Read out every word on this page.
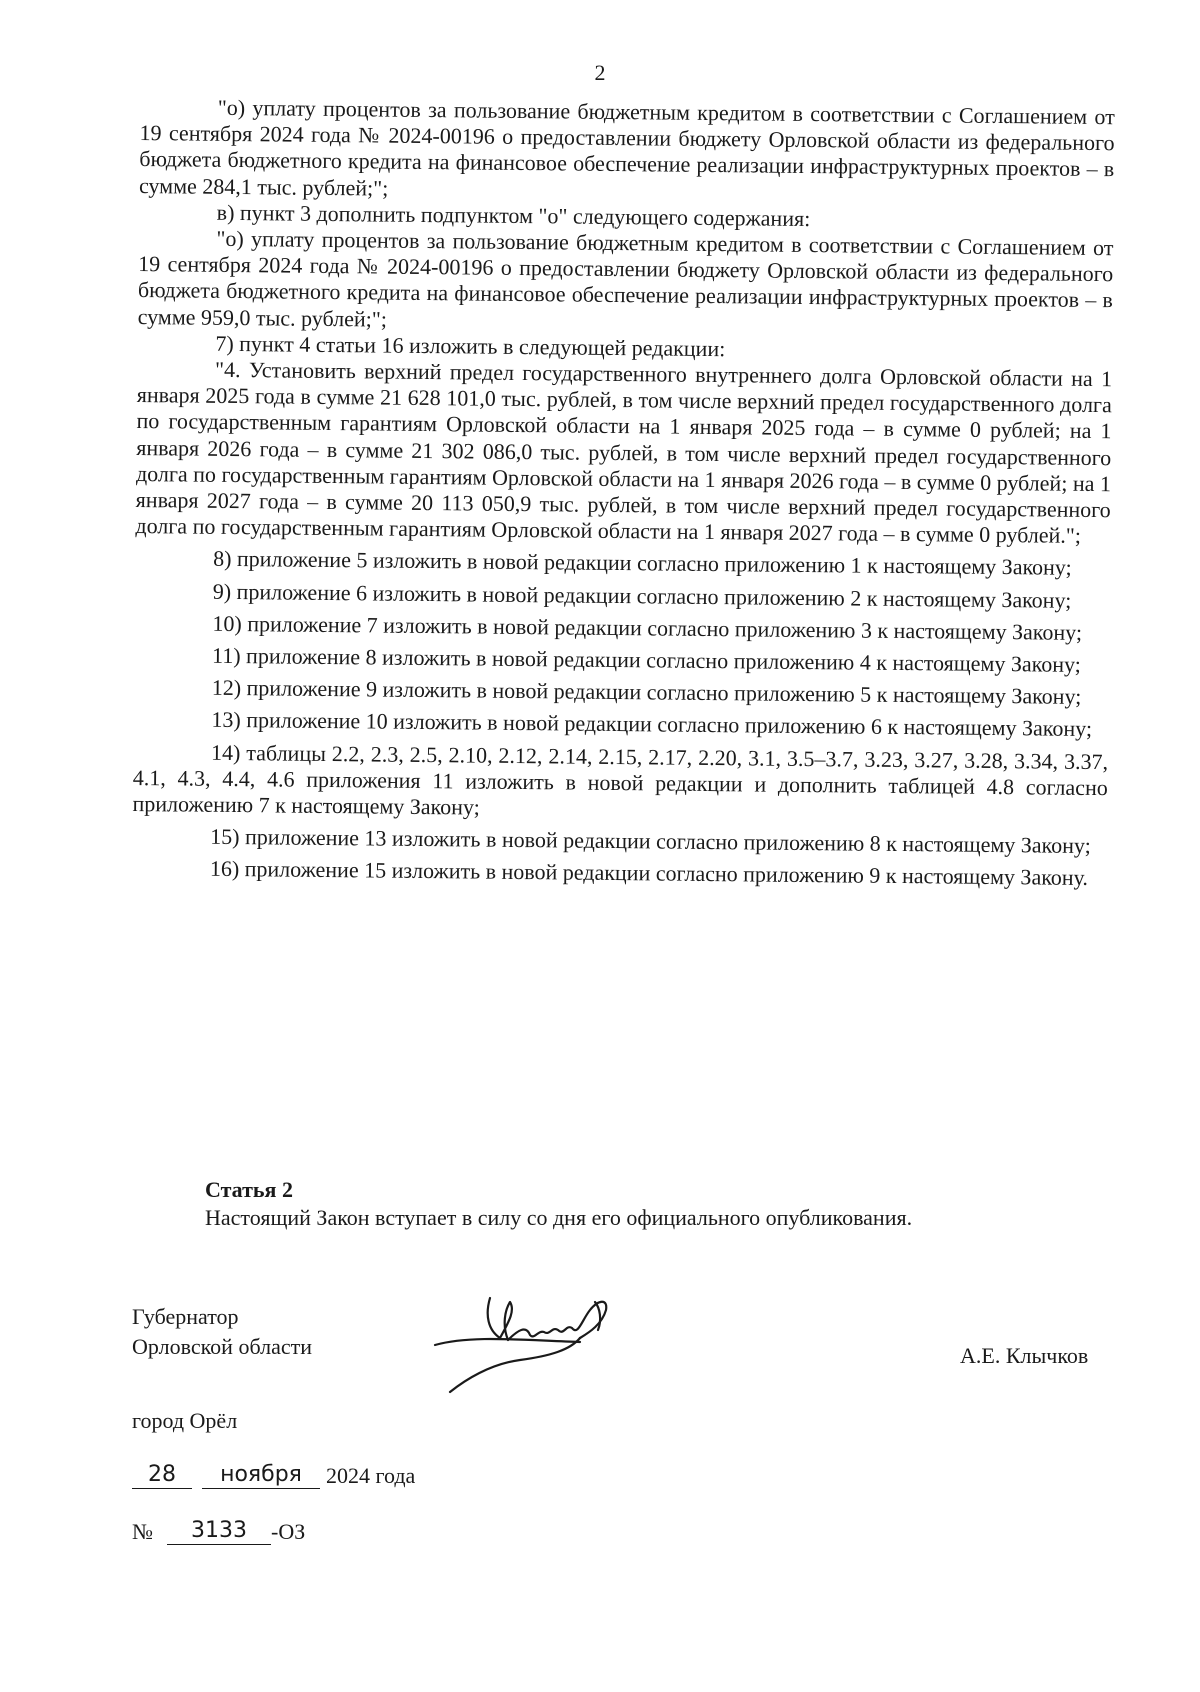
2

"о) уплату процентов за пользование бюджетным кредитом в соответствии с Соглашением от 19 сентября 2024 года № 2024-00196 о предоставлении бюджету Орловской области из федерального бюджета бюджетного кредита на финансовое обеспечение реализации инфраструктурных проектов – в сумме 284,1 тыс. рублей;";

в) пункт 3 дополнить подпунктом "о" следующего содержания:

"о) уплату процентов за пользование бюджетным кредитом в соответствии с Соглашением от 19 сентября 2024 года № 2024-00196 о предоставлении бюджету Орловской области из федерального бюджета бюджетного кредита на финансовое обеспечение реализации инфраструктурных проектов – в сумме 959,0 тыс. рублей;";

7) пункт 4 статьи 16 изложить в следующей редакции:

"4. Установить верхний предел государственного внутреннего долга Орловской области на 1 января 2025 года в сумме 21 628 101,0 тыс. рублей, в том числе верхний предел государственного долга по государственным гарантиям Орловской области на 1 января 2025 года – в сумме 0 рублей; на 1 января 2026 года – в сумме 21 302 086,0 тыс. рублей, в том числе верхний предел государственного долга по государственным гарантиям Орловской области на 1 января 2026 года – в сумме 0 рублей; на 1 января 2027 года – в сумме 20 113 050,9 тыс. рублей, в том числе верхний предел государственного долга по государственным гарантиям Орловской области на 1 января 2027 года – в сумме 0 рублей.";

8) приложение 5 изложить в новой редакции согласно приложению 1 к настоящему Закону;

9) приложение 6 изложить в новой редакции согласно приложению 2 к настоящему Закону;

10) приложение 7 изложить в новой редакции согласно приложению 3 к настоящему Закону;

11) приложение 8 изложить в новой редакции согласно приложению 4 к настоящему Закону;

12) приложение 9 изложить в новой редакции согласно приложению 5 к настоящему Закону;

13) приложение 10 изложить в новой редакции согласно приложению 6 к настоящему Закону;

14) таблицы 2.2, 2.3, 2.5, 2.10, 2.12, 2.14, 2.15, 2.17, 2.20, 3.1, 3.5–3.7, 3.23, 3.27, 3.28, 3.34, 3.37, 4.1, 4.3, 4.4, 4.6 приложения 11 изложить в новой редакции и дополнить таблицей 4.8 согласно приложению 7 к настоящему Закону;

15) приложение 13 изложить в новой редакции согласно приложению 8 к настоящему Закону;

16) приложение 15 изложить в новой редакции согласно приложению 9 к настоящему Закону.

Статья 2
Настоящий Закон вступает в силу со дня его официального опубликования.
Губернатор
Орловской области	А.Е. Клычков
город Орёл
28	ноября	2024 года
№	3133	-ОЗ
